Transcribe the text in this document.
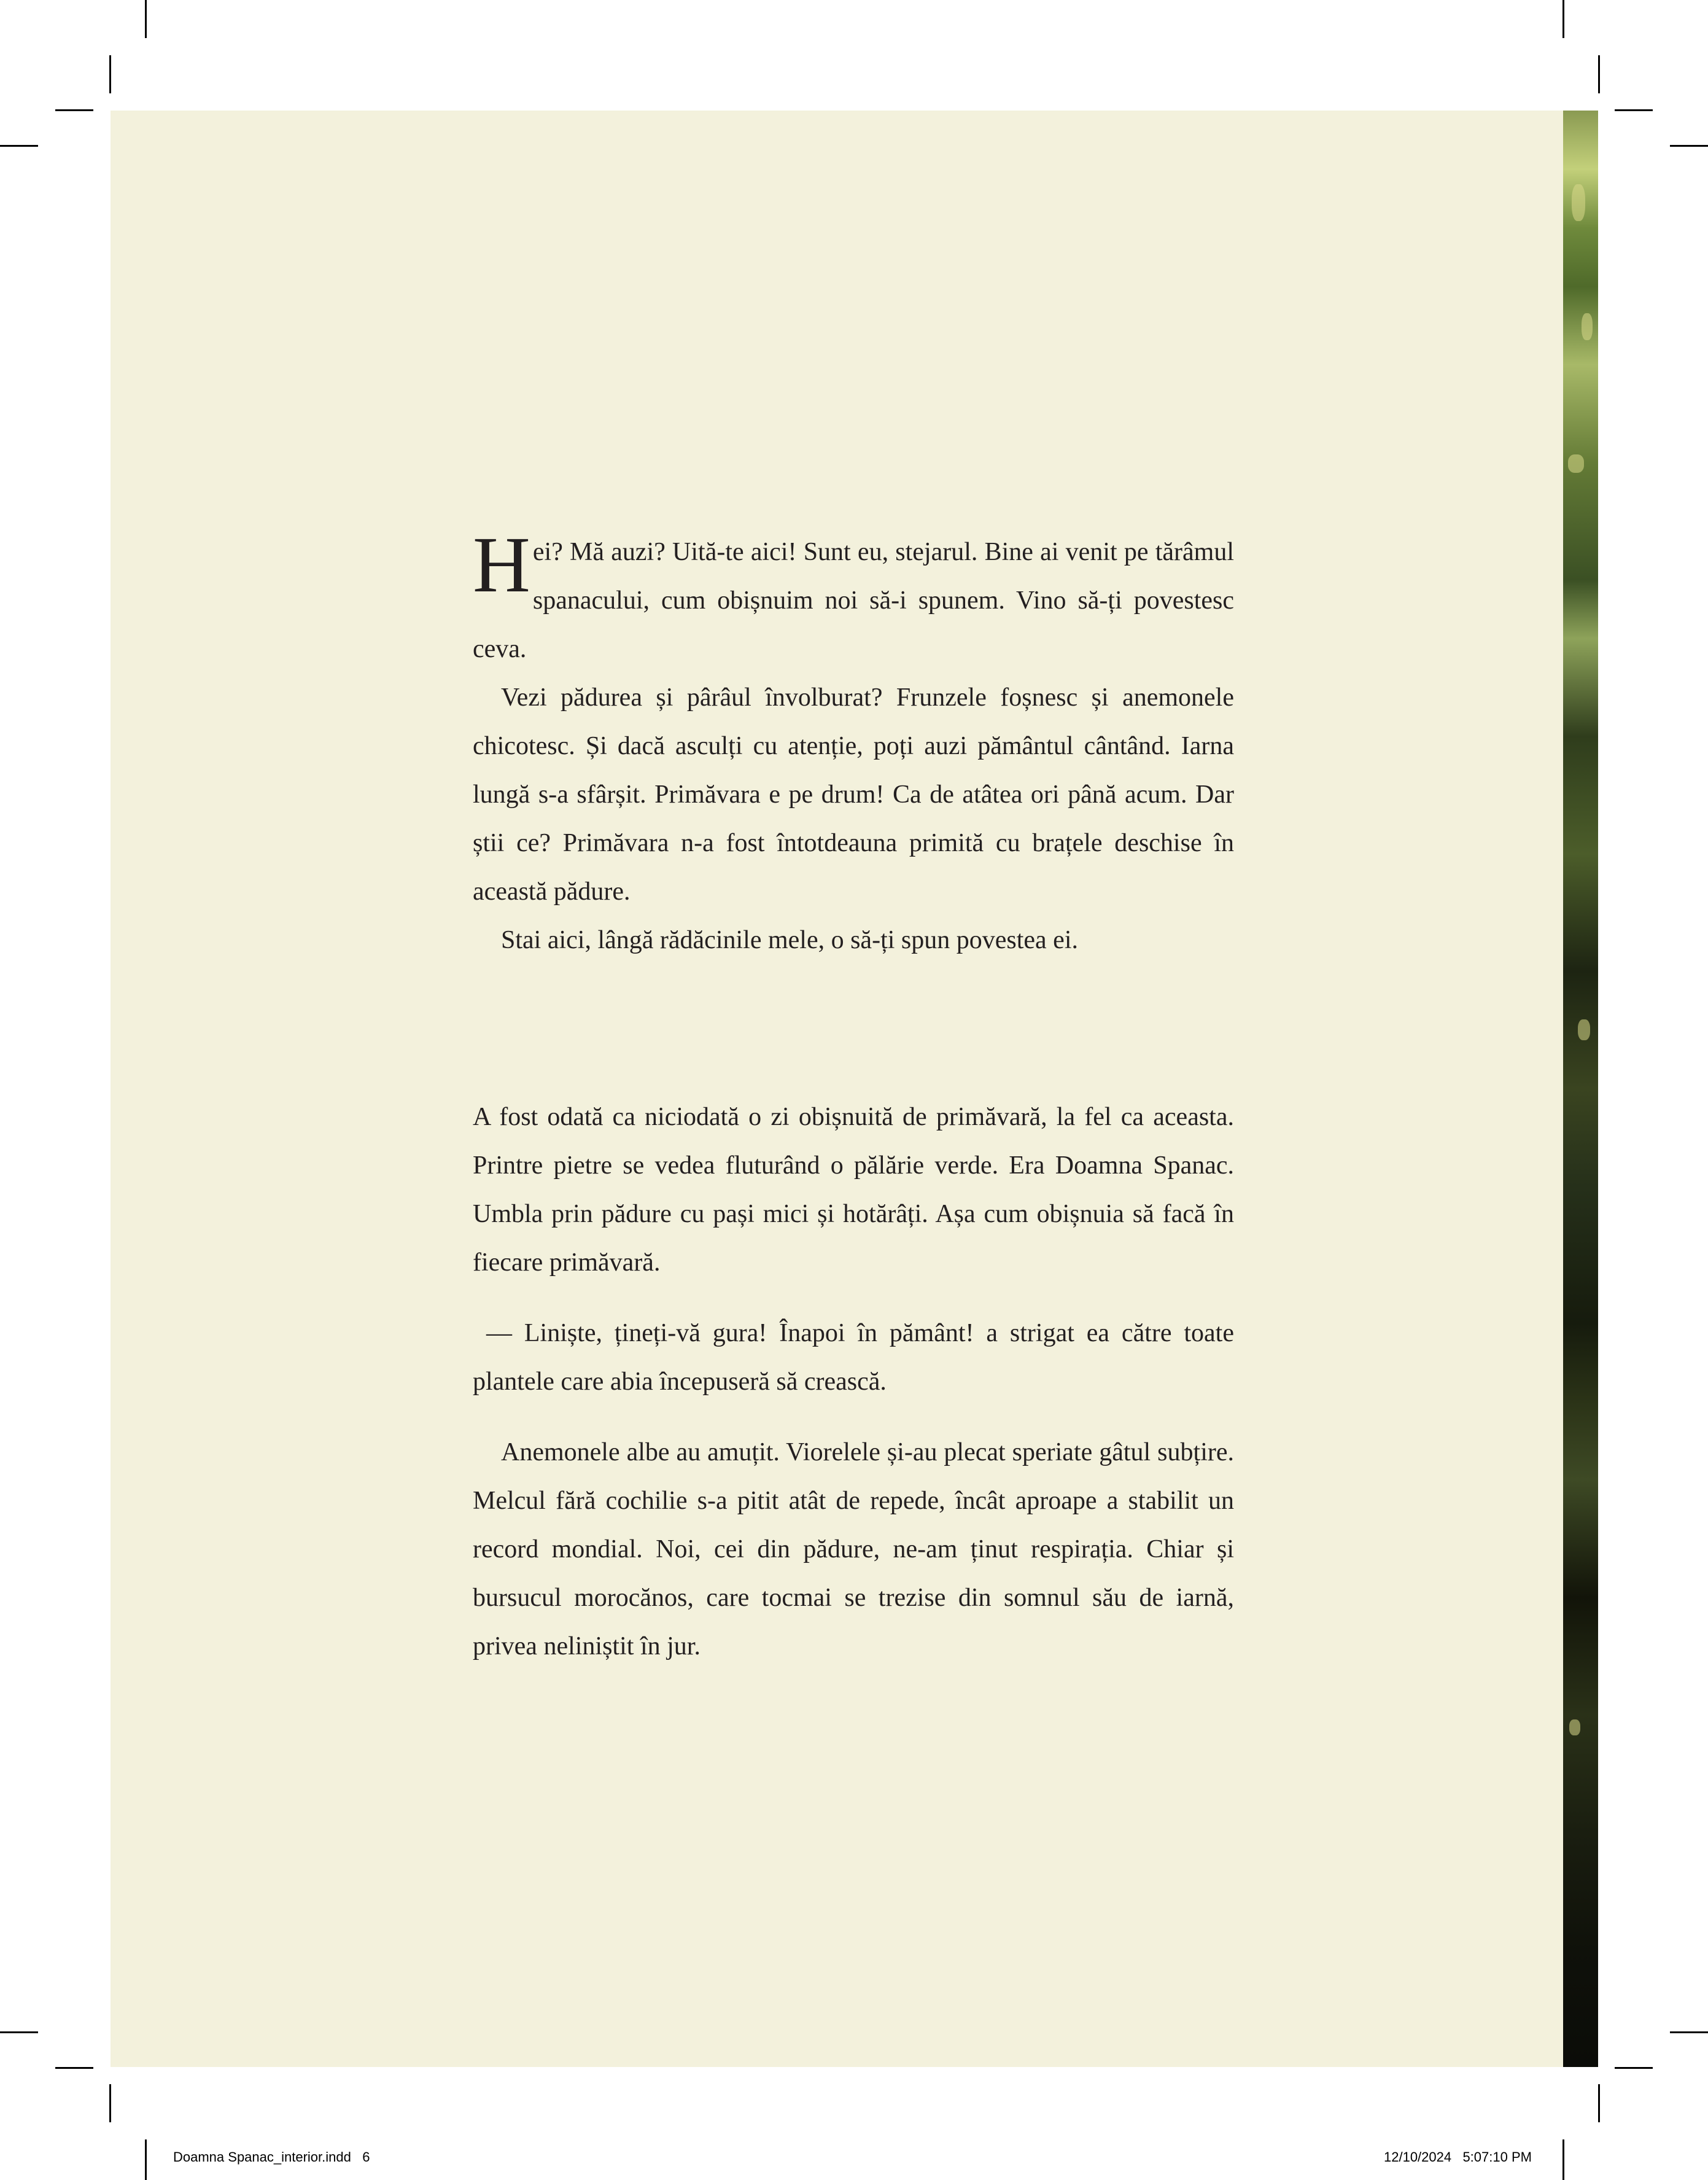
Hei? Mă auzi? Uită-te aici! Sunt eu, stejarul. Bine ai venit pe tărâmul spanacului, cum obișnuim noi să-i spunem. Vino să-ți povestesc ceva.

Vezi pădurea și pârâul învolburat? Frunzele foșnesc și anemonele chicotesc. Și dacă asculți cu atenție, poți auzi pământul cântând. Iarna lungă s-a sfârșit. Primăvara e pe drum! Ca de atâtea ori până acum. Dar știi ce? Primăvara n-a fost întotdeauna primită cu brațele deschise în această pădure.

Stai aici, lângă rădăcinile mele, o să-ți spun povestea ei.

A fost odată ca niciodată o zi obișnuită de primăvară, la fel ca aceasta. Printre pietre se vedea fluturând o pălărie verde. Era Doamna Spanac. Umbla prin pădure cu pași mici și hotărâți. Așa cum obișnuia să facă în fiecare primăvară.

— Liniște, țineți-vă gura! Înapoi în pământ! a strigat ea către toate plantele care abia începuseră să crească.

Anemonele albe au amuțit. Viorelele și-au plecat speriate gâtul subțire. Melcul fără cochilie s-a pitit atât de repede, încât aproape a stabilit un record mondial. Noi, cei din pădure, ne-am ținut respirația. Chiar și bursucul morocănos, care tocmai se trezise din somnul său de iarnă, privea neliniștit în jur.

Doamna Spanac_interior.indd   6	12/10/2024   5:07:10 PM
